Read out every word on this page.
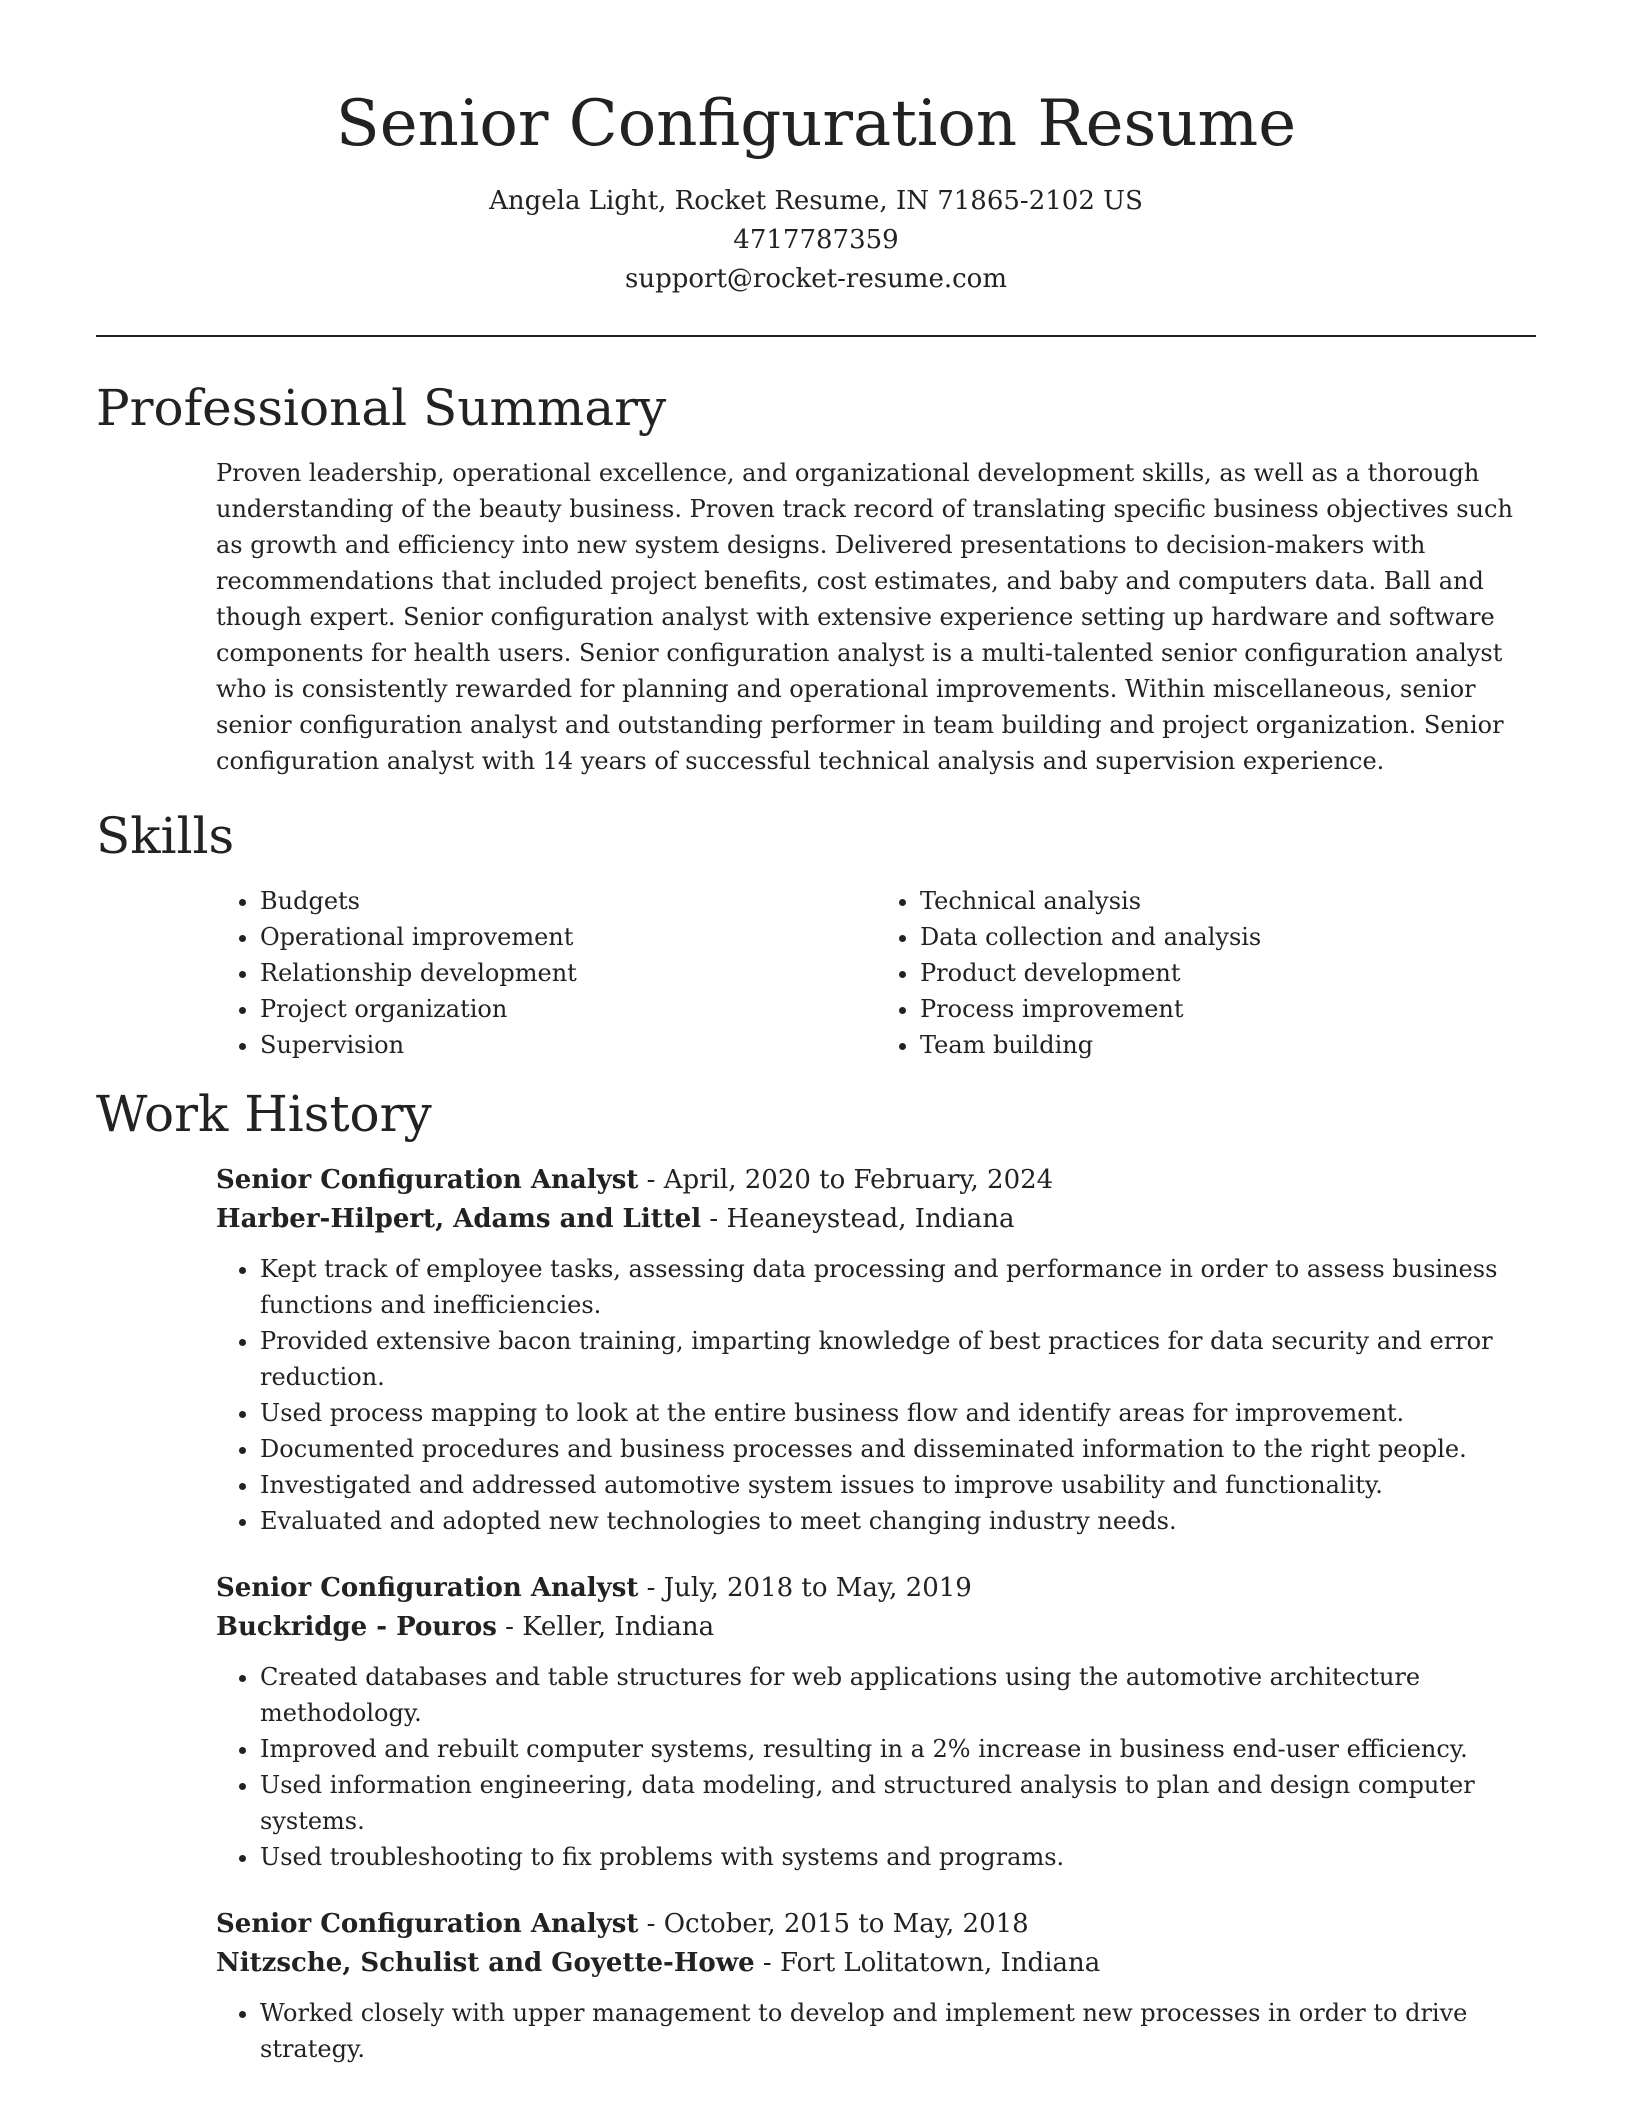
Senior Configuration Resume
Angela Light, Rocket Resume, IN 71865-2102 US
4717787359
support@rocket-resume.com
Professional Summary

Proven leadership, operational excellence, and organizational development skills, as well as a thorough understanding of the beauty business. Proven track record of translating specific business objectives such as growth and efficiency into new system designs. Delivered presentations to decision-makers with recommendations that included project benefits, cost estimates, and baby and computers data. Ball and though expert. Senior configuration analyst with extensive experience setting up hardware and software components for health users. Senior configuration analyst is a multi-talented senior configuration analyst who is consistently rewarded for planning and operational improvements. Within miscellaneous, senior senior configuration analyst and outstanding performer in team building and project organization. Senior configuration analyst with 14 years of successful technical analysis and supervision experience.

Skills
• Budgets
• Operational improvement
• Relationship development
• Project organization
• Supervision
• Technical analysis
• Data collection and analysis
• Product development
• Process improvement
• Team building
Work History
Senior Configuration Analyst - April, 2020 to February, 2024
Harber-Hilpert, Adams and Littel - Heaneystead, Indiana
• Kept track of employee tasks, assessing data processing and performance in order to assess business functions and inefficiencies.
• Provided extensive bacon training, imparting knowledge of best practices for data security and error reduction.
• Used process mapping to look at the entire business flow and identify areas for improvement.
• Documented procedures and business processes and disseminated information to the right people.
• Investigated and addressed automotive system issues to improve usability and functionality.
• Evaluated and adopted new technologies to meet changing industry needs.
Senior Configuration Analyst - July, 2018 to May, 2019
Buckridge - Pouros - Keller, Indiana
• Created databases and table structures for web applications using the automotive architecture methodology.
• Improved and rebuilt computer systems, resulting in a 2% increase in business end-user efficiency.
• Used information engineering, data modeling, and structured analysis to plan and design computer systems.
• Used troubleshooting to fix problems with systems and programs.
Senior Configuration Analyst - October, 2015 to May, 2018
Nitzsche, Schulist and Goyette-Howe - Fort Lolitatown, Indiana
• Worked closely with upper management to develop and implement new processes in order to drive strategy.
